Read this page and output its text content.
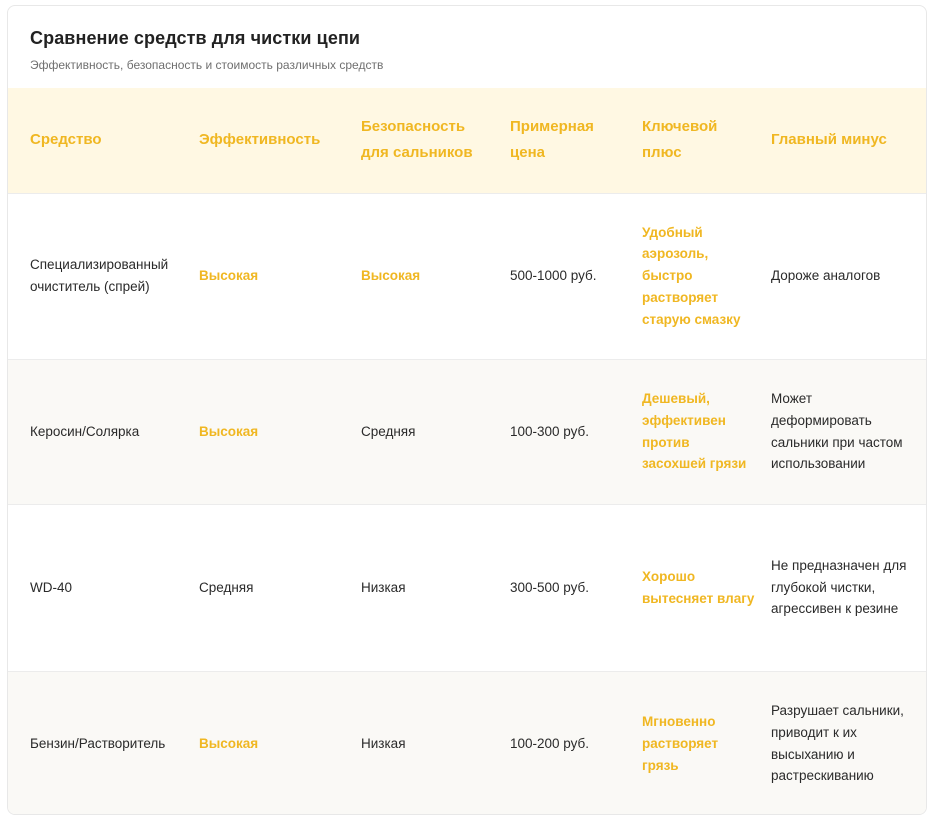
Сравнение средств для чистки цепи

Эффективность, безопасность и стоимость различных средств

Средство	Эффективность	Безопасность для сальников	Примерная цена	Ключевой плюс	Главный минус
Специализированный очиститель (спрей)	Высокая	Высокая	500-1000 руб.	Удобный аэрозоль, быстро растворяет старую смазку	Дороже аналогов
Керосин/Солярка	Высокая	Средняя	100-300 руб.	Дешевый, эффективен против засохшей грязи	Может деформировать сальники при частом использовании
WD-40	Средняя	Низкая	300-500 руб.	Хорошо вытесняет влагу	Не предназначен для глубокой чистки, агрессивен к резине
Бензин/Растворитель	Высокая	Низкая	100-200 руб.	Мгновенно растворяет грязь	Разрушает сальники, приводит к их высыханию и растрескиванию
